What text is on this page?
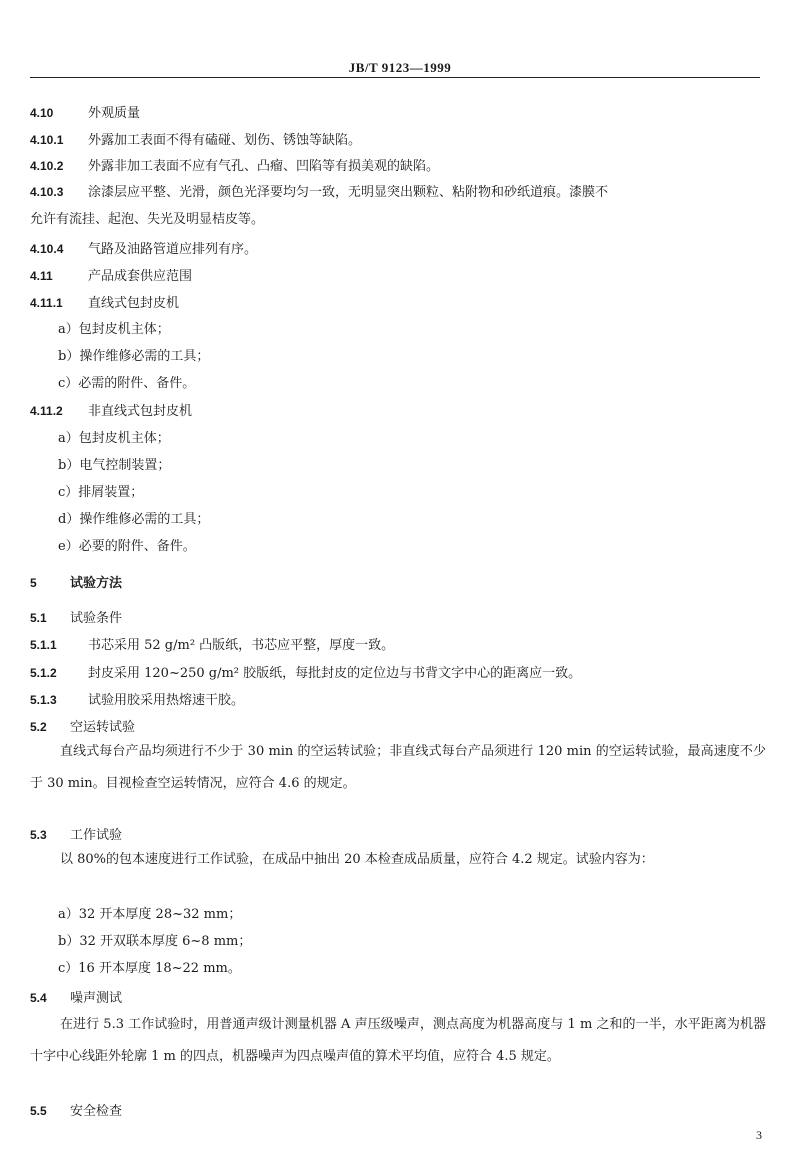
JB/T 9123—1999
4.10	外观质量
4.10.1 外露加工表面不得有磕碰、划伤、锈蚀等缺陷。
4.10.2 外露非加工表面不应有气孔、凸瘤、凹陷等有损美观的缺陷。
4.10.3 涂漆层应平整、光滑，颜色光泽要均匀一致，无明显突出颗粒、粘附物和砂纸道痕。漆膜不
允许有流挂、起泡、失光及明显桔皮等。
4.10.4 气路及油路管道应排列有序。
4.11	产品成套供应范围
4.11.1 直线式包封皮机
a）包封皮机主体；
b）操作维修必需的工具；
c）必需的附件、备件。
4.11.2 非直线式包封皮机
a）包封皮机主体；
b）电气控制装置；
c）排屑装置；
d）操作维修必需的工具；
e）必要的附件、备件。
5	试验方法
5.1 试验条件
5.1.1 书芯采用 52 g/m² 凸版纸，书芯应平整，厚度一致。
5.1.2 封皮采用 120~250 g/m² 胶版纸，每批封皮的定位边与书背文字中心的距离应一致。
5.1.3 试验用胶采用热熔速干胶。
5.2 空运转试验
直线式每台产品均须进行不少于 30 min 的空运转试验；非直线式每台产品须进行 120 min 的空运转试验，最高速度不少于 30 min。目视检查空运转情况，应符合 4.6 的规定。
5.3 工作试验
以 80%的包本速度进行工作试验，在成品中抽出 20 本检查成品质量，应符合 4.2 规定。试验内容为：
a）32 开本厚度 28~32 mm；
b）32 开双联本厚度 6~8 mm；
c）16 开本厚度 18~22 mm。
5.4 噪声测试
在进行 5.3 工作试验时，用普通声级计测量机器 A 声压级噪声，测点高度为机器高度与 1 m 之和的一半，水平距离为机器十字中心线距外轮廓 1 m 的四点，机器噪声为四点噪声值的算术平均值，应符合 4.5 规定。
5.5 安全检查
3
